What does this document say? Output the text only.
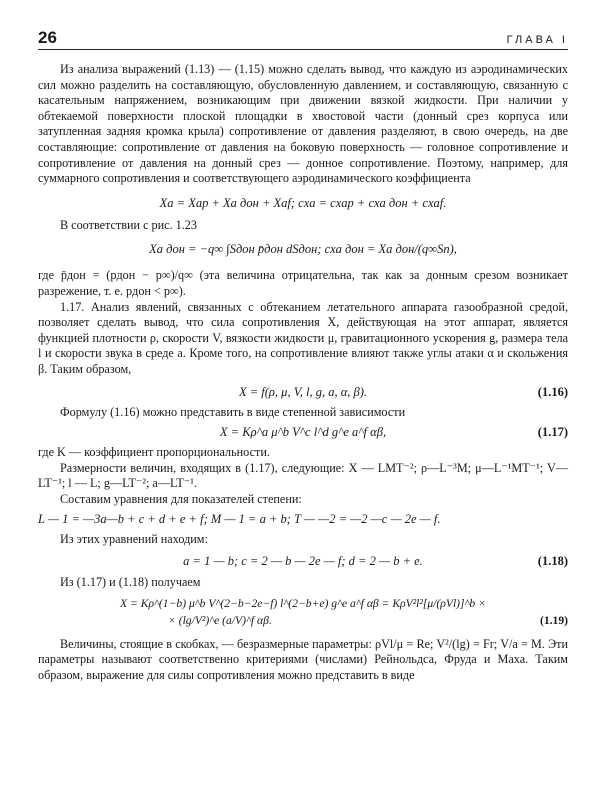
26	ГЛАВА I

Из анализа выражений (1.13) — (1.15) можно сделать вывод, что каждую из аэродинамических сил можно разделить на составляющую, обусловленную давлением, и составляющую, связанную с касательным напряжением, возникающим при движении вязкой жидкости. При наличии у обтекаемой поверхности плоской площадки в хвостовой части (донный срез корпуса или затупленная задняя кромка крыла) сопротивление от давления разделяют, в свою очередь, на две составляющие: сопротивление от давления на боковую поверхность — головное сопротивление и сопротивление от давления на донный срез — донное сопротивление. Поэтому, например, для суммарного сопротивления и соответствующего аэродинамического коэффициента

Xa = Xap + Xa дон + Xaf; cxa = cxap + cxa дон + cxaf.

В соответствии с рис. 1.23

Xa дон = −q∞ ∫Sдон p̄дон dSдон; cxa дон = Xa дон/(q∞Sп),

где p̄дон = (pдон − p∞)/q∞ (эта величина отрицательна, так как за донным срезом возникает разрежение, т. е. pдон < p∞).

1.17. Анализ явлений, связанных с обтеканием летательного аппарата газообразной средой, позволяет сделать вывод, что сила сопротивления X, действующая на этот аппарат, является функцией плотности ρ, скорости V, вязкости жидкости μ, гравитационного ускорения g, размера тела l и скорости звука в среде a. Кроме того, на сопротивление влияют также углы атаки α и скольжения β. Таким образом,

X = f(ρ, μ, V, l, g, a, α, β).	(1.16)

Формулу (1.16) можно представить в виде степенной зависимости

X = Kρ^a μ^b V^c l^d g^e a^f αβ,	(1.17)

где K — коэффициент пропорциональности.

Размерности величин, входящих в (1.17), следующие: X — LMT⁻²; ρ—L⁻³M; μ—L⁻¹MT⁻¹; V—LT⁻¹; l — L; g—LT⁻²; a—LT⁻¹.

Составим уравнения для показателей степени:

L — 1 = —3a—b + c + d + e + f; M — 1 = a + b; T — —2 = —2 —c — 2e — f.

Из этих уравнений находим:

a = 1 — b; c = 2 — b — 2e — f; d = 2 — b + e.	(1.18)

Из (1.17) и (1.18) получаем

X = Kρ^(1−b) μ^b V^(2−b−2e−f) l^(2−b+e) g^e a^f αβ = KρV²l²[μ/(ρVl)]^b ×
× (lg/V²)^e (a/V)^f αβ.	(1.19)

Величины, стоящие в скобках, — безразмерные параметры: ρVl/μ = Re; V²/(lg) = Fr; V/a = M. Эти параметры называют соответственно критериями (числами) Рейнольдса, Фруда и Маха. Таким образом, выражение для силы сопротивления можно представить в виде
